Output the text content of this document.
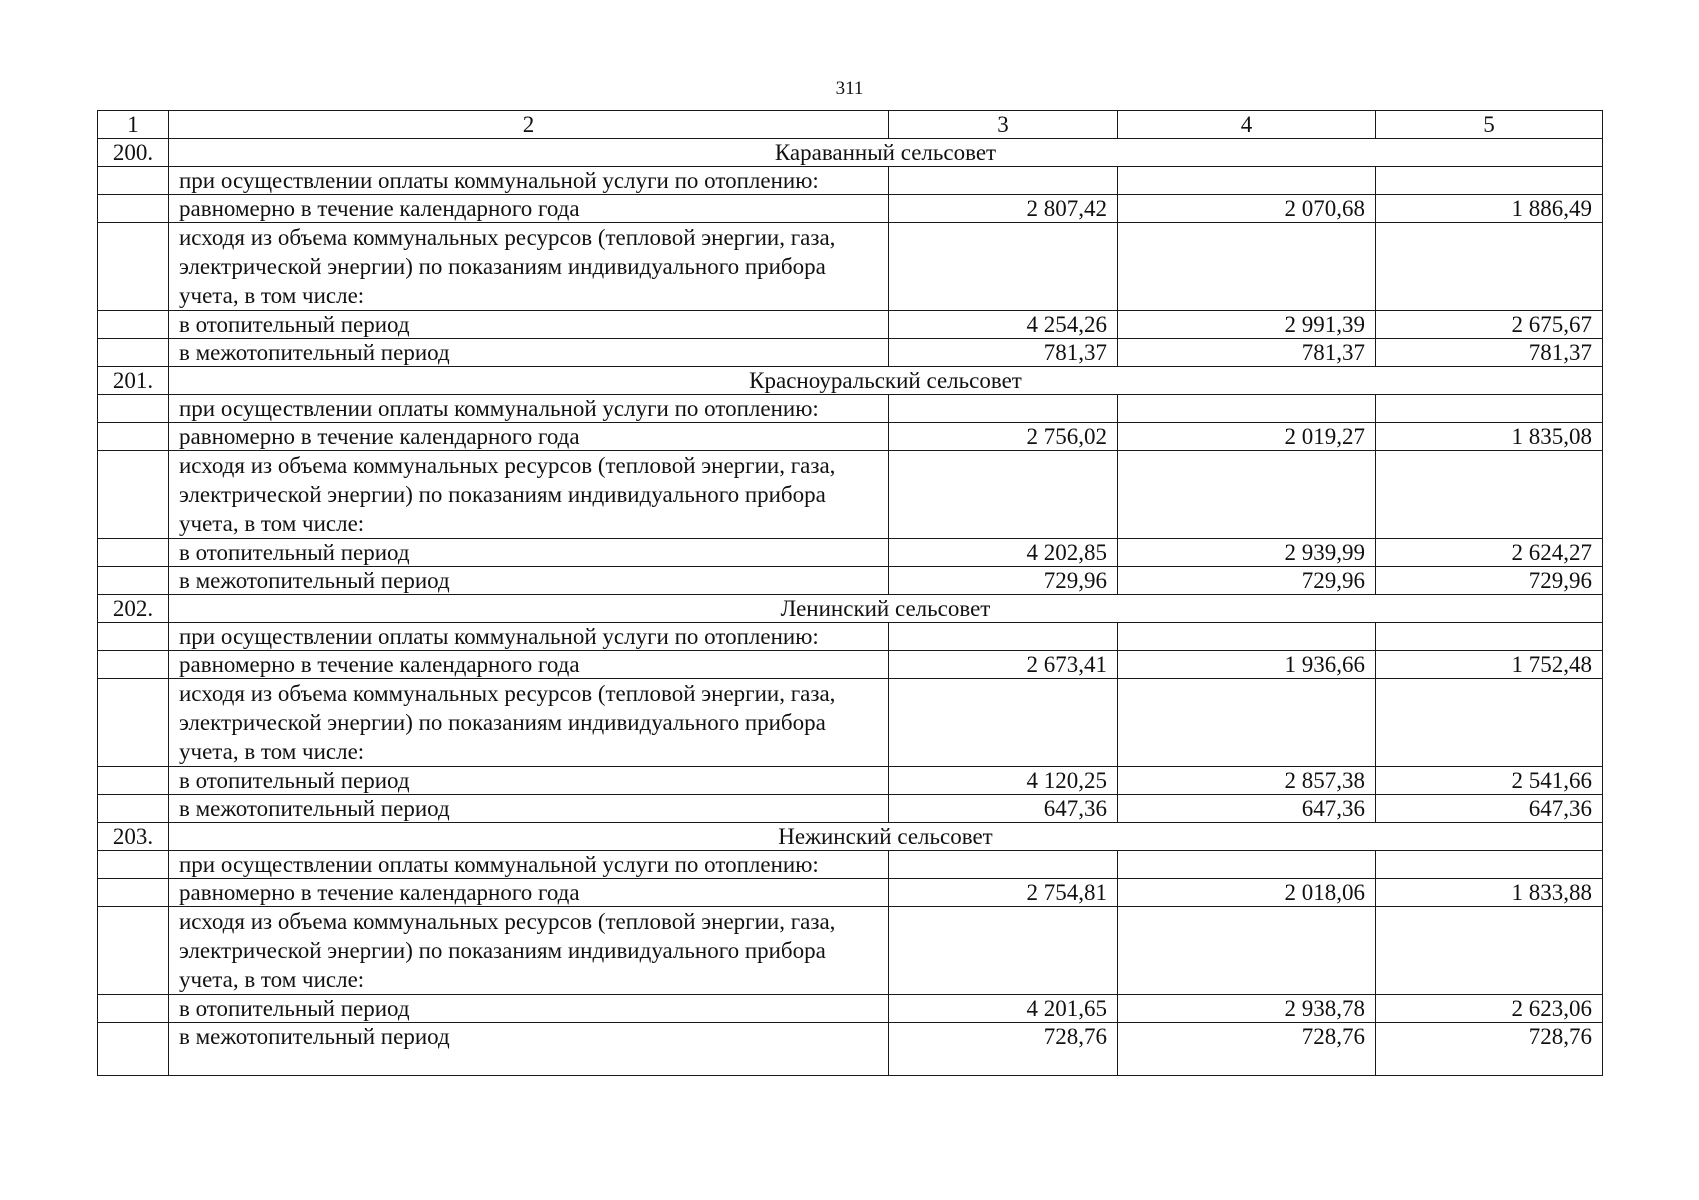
311
1	2	3	4	5
200.	Караванный сельсовет			
	при осуществлении оплаты коммунальной услуги по отоплению:			
	равномерно в течение календарного года	2 807,42	2 070,68	1 886,49
	исходя из объема коммунальных ресурсов (тепловой энергии, газа, электрической энергии) по показаниям индивидуального прибора учета, в том числе:			
	в отопительный период	4 254,26	2 991,39	2 675,67
	в межотопительный период	781,37	781,37	781,37
201.	Красноуральский сельсовет			
	при осуществлении оплаты коммунальной услуги по отоплению:			
	равномерно в течение календарного года	2 756,02	2 019,27	1 835,08
	исходя из объема коммунальных ресурсов (тепловой энергии, газа, электрической энергии) по показаниям индивидуального прибора учета, в том числе:			
	в отопительный период	4 202,85	2 939,99	2 624,27
	в межотопительный период	729,96	729,96	729,96
202.	Ленинский сельсовет			
	при осуществлении оплаты коммунальной услуги по отоплению:			
	равномерно в течение календарного года	2 673,41	1 936,66	1 752,48
	исходя из объема коммунальных ресурсов (тепловой энергии, газа, электрической энергии) по показаниям индивидуального прибора учета, в том числе:			
	в отопительный период	4 120,25	2 857,38	2 541,66
	в межотопительный период	647,36	647,36	647,36
203.	Нежинский сельсовет			
	при осуществлении оплаты коммунальной услуги по отоплению:			
	равномерно в течение календарного года	2 754,81	2 018,06	1 833,88
	исходя из объема коммунальных ресурсов (тепловой энергии, газа, электрической энергии) по показаниям индивидуального прибора учета, в том числе:			
	в отопительный период	4 201,65	2 938,78	2 623,06
	в межотопительный период	728,76	728,76	728,76
